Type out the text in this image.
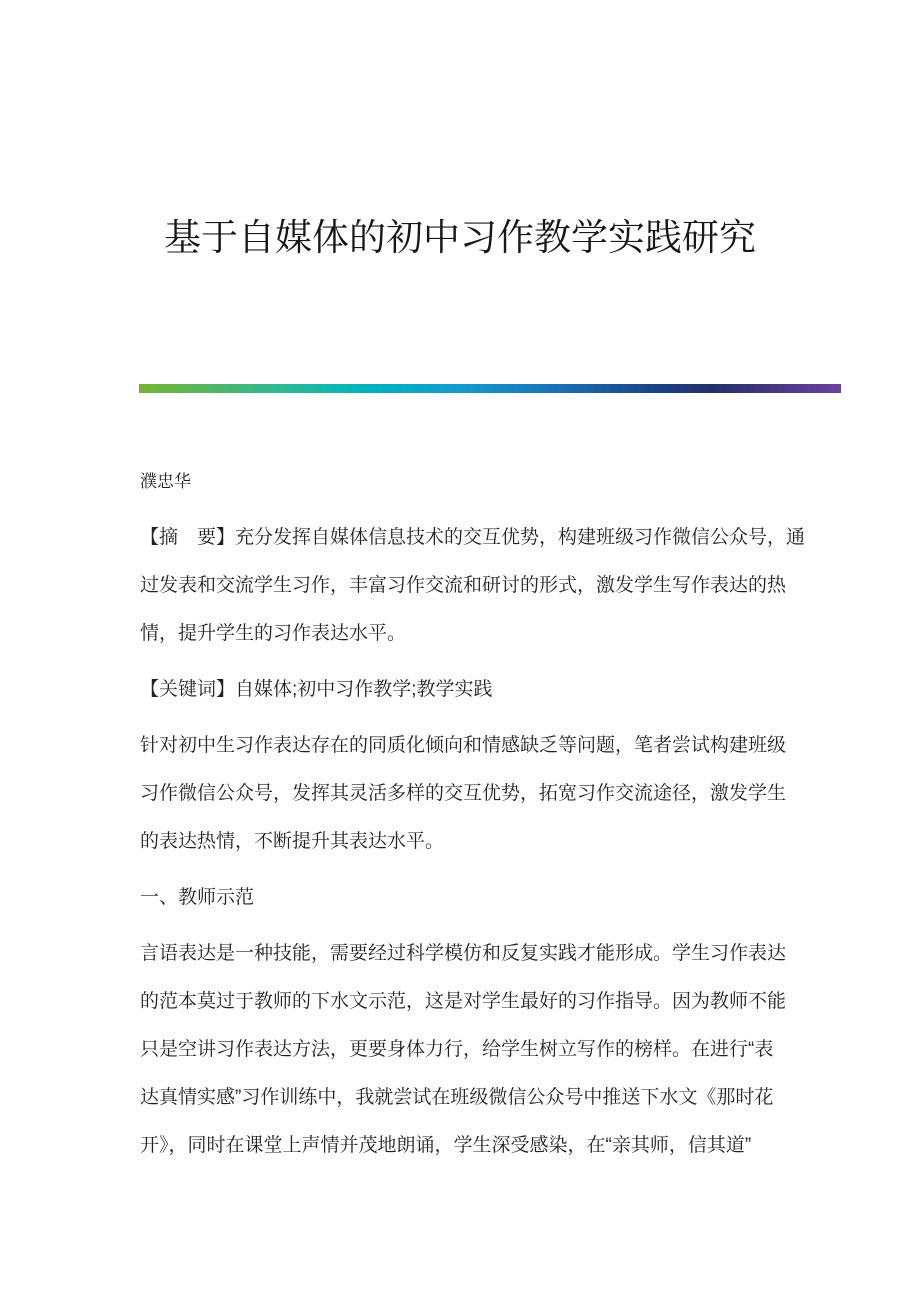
基于自媒体的初中习作教学实践研究
濮忠华
【摘　要】充分发挥自媒体信息技术的交互优势，构建班级习作微信公众号，通
过发表和交流学生习作，丰富习作交流和研讨的形式，激发学生写作表达的热
情，提升学生的习作表达水平。
【关键词】自媒体;初中习作教学;教学实践
针对初中生习作表达存在的同质化倾向和情感缺乏等问题，笔者尝试构建班级
习作微信公众号，发挥其灵活多样的交互优势，拓宽习作交流途径，激发学生
的表达热情，不断提升其表达水平。
一、教师示范
言语表达是一种技能，需要经过科学模仿和反复实践才能形成。学生习作表达
的范本莫过于教师的下水文示范，这是对学生最好的习作指导。因为教师不能
只是空讲习作表达方法，更要身体力行，给学生树立写作的榜样。在进行“表
达真情实感”习作训练中，我就尝试在班级微信公众号中推送下水文《那时花
开》，同时在课堂上声情并茂地朗诵，学生深受感染，在“亲其师，信其道”
